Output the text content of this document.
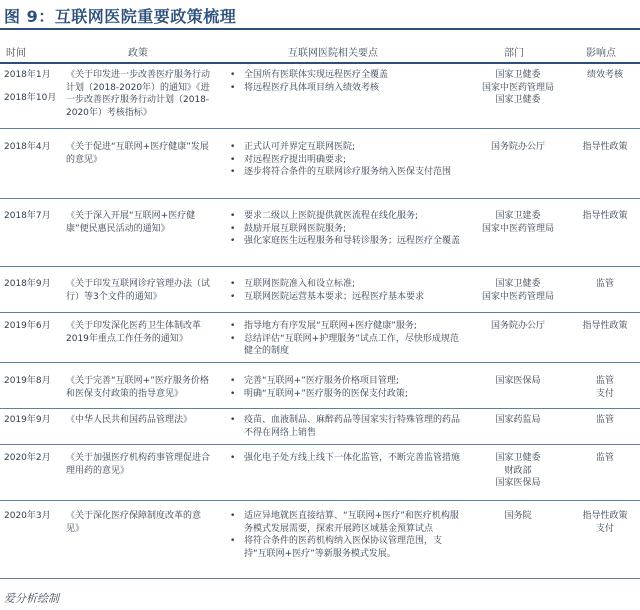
图 9：互联网医院重要政策梳理
时间	政策	互联网医院相关要点	部门	影响点
2018年1月
2018年10月
《关于印发进一步改善医疗服务行动计划（2018-2020年）的通知》《进一步改善医疗服务行动计划（2018-2020年）考核指标》
• 全国所有医联体实现远程医疗全覆盖
• 将远程医疗具体项目纳入绩效考核
国家卫健委
国家中医药管理局
国家卫健委
绩效考核
2018年4月	《关于促进“互联网+医疗健康”发展的意见》
• 正式认可并界定互联网医院;
• 对远程医疗提出明确要求;
• 逐步将符合条件的互联网诊疗服务纳入医保支付范围
国务院办公厅	指导性政策
2018年7月	《关于深入开展“互联网+医疗健康”便民惠民活动的通知》
• 要求二级以上医院提供就医流程在线化服务;
• 鼓励开展互联网医院服务;
• 强化家庭医生远程服务和导转诊服务；远程医疗全覆盖
国家卫建委
国家中医药管理局
指导性政策
2018年9月	《关于印发互联网诊疗管理办法（试行）等3个文件的通知》
• 互联网医院准入和设立标准;
• 互联网医院运营基本要求；远程医疗基本要求
国家卫健委
国家中医药管理局
监管
2019年6月	《关于印发深化医药卫生体制改革2019年重点工作任务的通知》
• 指导地方有序发展“互联网+医疗健康”服务;
• 总结评估“互联网+护理服务”试点工作，尽快形成规范健全的制度
国务院办公厅	指导性政策
2019年8月	《关于完善“互联网+”医疗服务价格和医保支付政策的指导意见》
• 完善“互联网+”医疗服务价格项目管理;
• 明确“互联网+”医疗服务的医保支付政策;
国家医保局	监管
支付
2019年9月	《中华人民共和国药品管理法》
•	疫苗、血液制品、麻醉药品等国家实行特殊管理的药品不得在网络上销售
国家药监局	监管
2020年2月	《关于加强医疗机构药事管理促进合理用药的意见》
• 强化电子处方线上线下一体化监管，不断完善监管措施	国家卫健委
财政部
国家医保局
监管
2020年3月	《关于深化医疗保障制度改革的意见》
• 适应异地就医直接结算、“互联网+医疗”和医疗机构服务模式发展需要，探索开展跨区域基金预算试点
• 将符合条件的医药机构纳入医保协议管理范围，支持“互联网+医疗”等新服务模式发展。
国务院	指导性政策
支付
爱分析绘制
